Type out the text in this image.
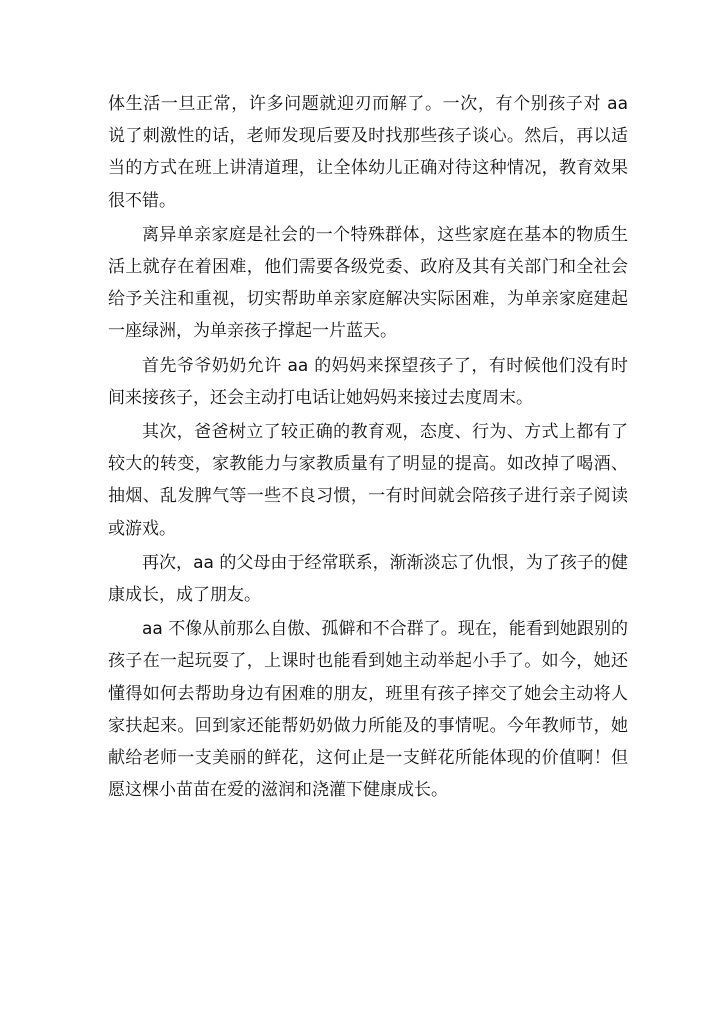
体生活一旦正常，许多问题就迎刃而解了。一次，有个别孩子对 aa 说了刺激性的话，老师发现后要及时找那些孩子谈心。然后，再以适当的方式在班上讲清道理，让全体幼儿正确对待这种情况，教育效果很不错。

离异单亲家庭是社会的一个特殊群体，这些家庭在基本的物质生活上就存在着困难，他们需要各级党委、政府及其有关部门和全社会给予关注和重视，切实帮助单亲家庭解决实际困难，为单亲家庭建起一座绿洲，为单亲孩子撑起一片蓝天。

首先爷爷奶奶允许 aa 的妈妈来探望孩子了，有时候他们没有时间来接孩子，还会主动打电话让她妈妈来接过去度周末。

其次，爸爸树立了较正确的教育观，态度、行为、方式上都有了较大的转变，家教能力与家教质量有了明显的提高。如改掉了喝酒、抽烟、乱发脾气等一些不良习惯，一有时间就会陪孩子进行亲子阅读或游戏。

再次，aa 的父母由于经常联系，渐渐淡忘了仇恨，为了孩子的健康成长，成了朋友。

aa 不像从前那么自傲、孤僻和不合群了。现在，能看到她跟别的孩子在一起玩耍了，上课时也能看到她主动举起小手了。如今，她还懂得如何去帮助身边有困难的朋友，班里有孩子摔交了她会主动将人家扶起来。回到家还能帮奶奶做力所能及的事情呢。今年教师节，她献给老师一支美丽的鲜花，这何止是一支鲜花所能体现的价值啊！但愿这棵小苗苗在爱的滋润和浇灌下健康成长。
